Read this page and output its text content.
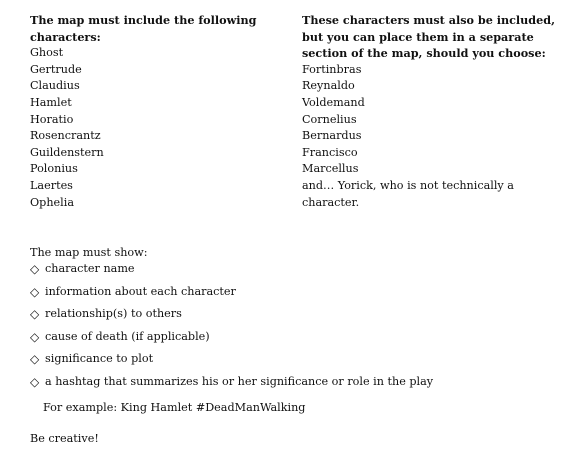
The map must include the following characters:

Ghost
Gertrude
Claudius
Hamlet
Horatio
Rosencrantz
Guildenstern
Polonius
Laertes
Ophelia

These characters must also be included, but you can place them in a separate section of the map, should you choose:

Fortinbras
Reynaldo
Voldemand
Cornelius
Bernardus
Francisco
Marcellus
and… Yorick, who is not technically a character.
The map must show:
◇ character name
◇ information about each character
◇ relationship(s) to others
◇ cause of death (if applicable)
◇ significance to plot
◇ a hashtag that summarizes his or her significance or role in the play
For example: King Hamlet #DeadManWalking
Be creative!
